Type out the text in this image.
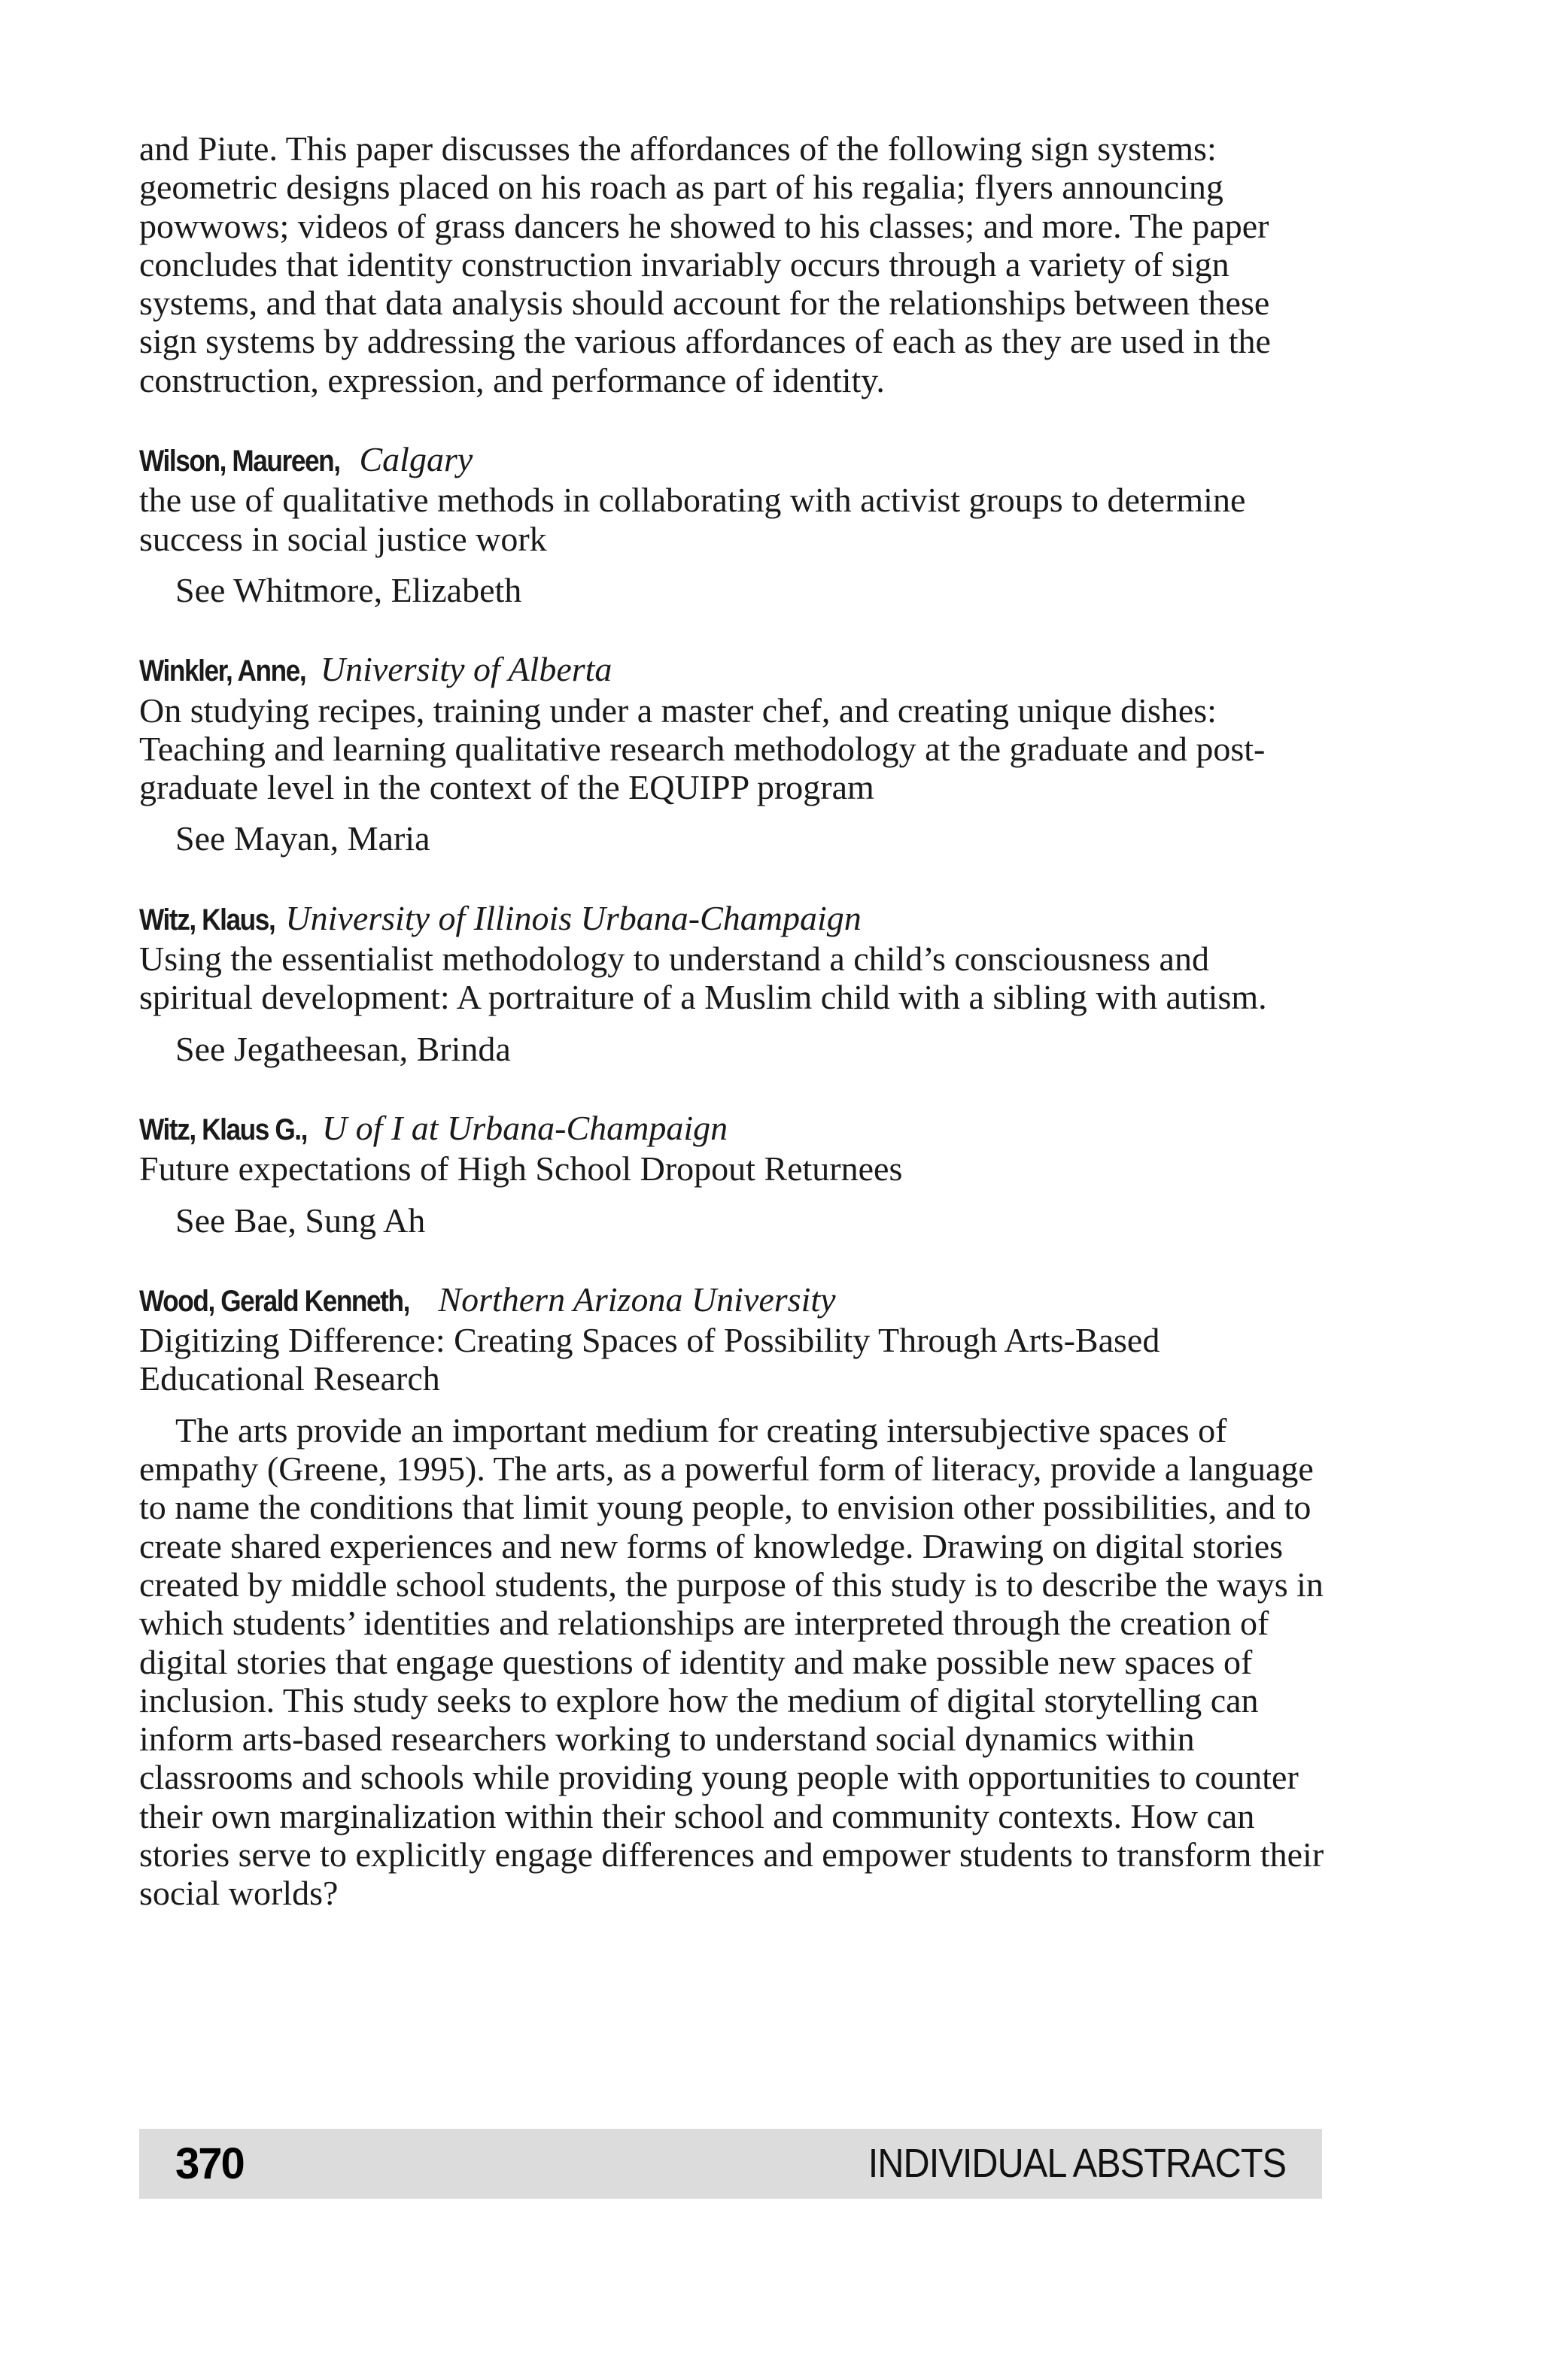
and Piute. This paper discusses the affordances of the following sign systems: geometric designs placed on his roach as part of his regalia; flyers announcing powwows; videos of grass dancers he showed to his classes; and more. The paper concludes that identity construction invariably occurs through a variety of sign systems, and that data analysis should account for the relationships between these sign systems by addressing the various affordances of each as they are used in the construction, expression, and performance of identity.

Wilson, Maureen, Calgary

the use of qualitative methods in collaborating with activist groups to determine success in social justice work

See Whitmore, Elizabeth

Winkler, Anne, University of Alberta

On studying recipes, training under a master chef, and creating unique dishes: Teaching and learning qualitative research methodology at the graduate and post-graduate level in the context of the EQUIPP program

See Mayan, Maria

Witz, Klaus, University of Illinois Urbana-Champaign

Using the essentialist methodology to understand a child’s consciousness and spiritual development: A portraiture of a Muslim child with a sibling with autism.

See Jegatheesan, Brinda

Witz, Klaus G., U of I at Urbana-Champaign

Future expectations of High School Dropout Returnees

See Bae, Sung Ah

Wood, Gerald Kenneth, Northern Arizona University

Digitizing Difference: Creating Spaces of Possibility Through Arts-Based Educational Research

The arts provide an important medium for creating intersubjective spaces of empathy (Greene, 1995). The arts, as a powerful form of literacy, provide a language to name the conditions that limit young people, to envision other possibilities, and to create shared experiences and new forms of knowledge. Drawing on digital stories created by middle school students, the purpose of this study is to describe the ways in which students’ identities and relationships are interpreted through the creation of digital stories that engage questions of identity and make possible new spaces of inclusion. This study seeks to explore how the medium of digital storytelling can inform arts-based researchers working to understand social dynamics within classrooms and schools while providing young people with opportunities to counter their own marginalization within their school and community contexts. How can stories serve to explicitly engage differences and empower students to transform their social worlds?

370	INDIVIDUAL ABSTRACTS
